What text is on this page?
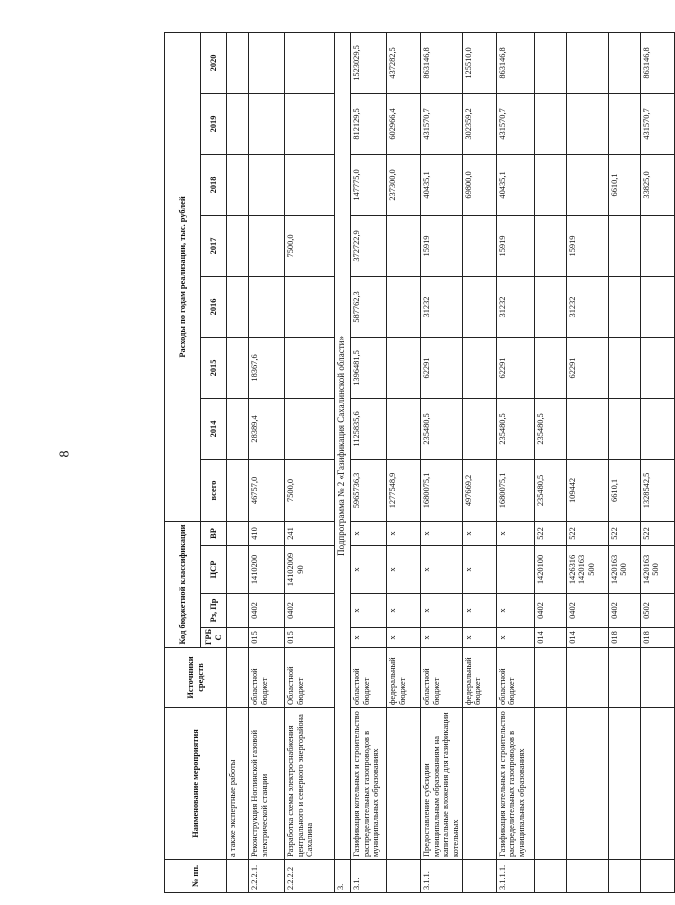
8
№ пп.	Наименование мероприятия	Источники средств	Код бюджетной классификации				Расходы по годам реализации, тыс. рублей							
			ГРБ С	Рз, Пр	ЦСР	ВР	всего	2014	2015	2016	2017	2018	2019	2020
	а также экспертные работы													
2.2.2.1.	Реконструкция Ноглинской газовой электрической станции	областной бюджет	015	0402	1410200	410	46757,0	28389,4	18367,6					
2.2.2.2	Разработка схемы электроснабжения центрального и северного энергорайона Сахалина	Областной бюджет	015	0402	14102009 90	241	7500,0				7500,0			
3.	Подпрограмма № 2 «Газификация Сахалинской области»													
3.1.	Газификация котельных и строительство распределительных газопроводов в муниципальных образованиях	областной бюджет	х	х	х	х	5965736,3	1125835,6	1396481,5	587762,3	372722,9	147775,0	812129,5	1523029,5
		федеральный бюджет	х	х	х	х	1277548,9					237300,0	602966,4	437282,5
3.1.1.	Предоставление субсидии муниципальным образованиям на капитальные вложения для газификации котельных	областной бюджет	х	х	х	х	1680075,1	235480,5	62291	31232	15919	40435,1	431570,7	863146,8
		федеральный бюджет	х	х	х	х	497669,2					69800,0	302359,2	125510,0
3.1.1.1.	Газификация котельных и строительство распределительных газопроводов в муниципальных образованиях	областной бюджет	х	х		х	1680075,1	235480,5	62291	31232	15919	40435,1	431570,7	863146,8
			014	0402	1420100	522	235480,5	235480,5						
			014	0402	1426316 1420163 500	522	109442		62291	31232	15919			
			018	0402	1420163 500	522	6610,1					6610,1		
			018	0502	1420163 500	522	1328542,5					33825,0	431570,7	863146,8
